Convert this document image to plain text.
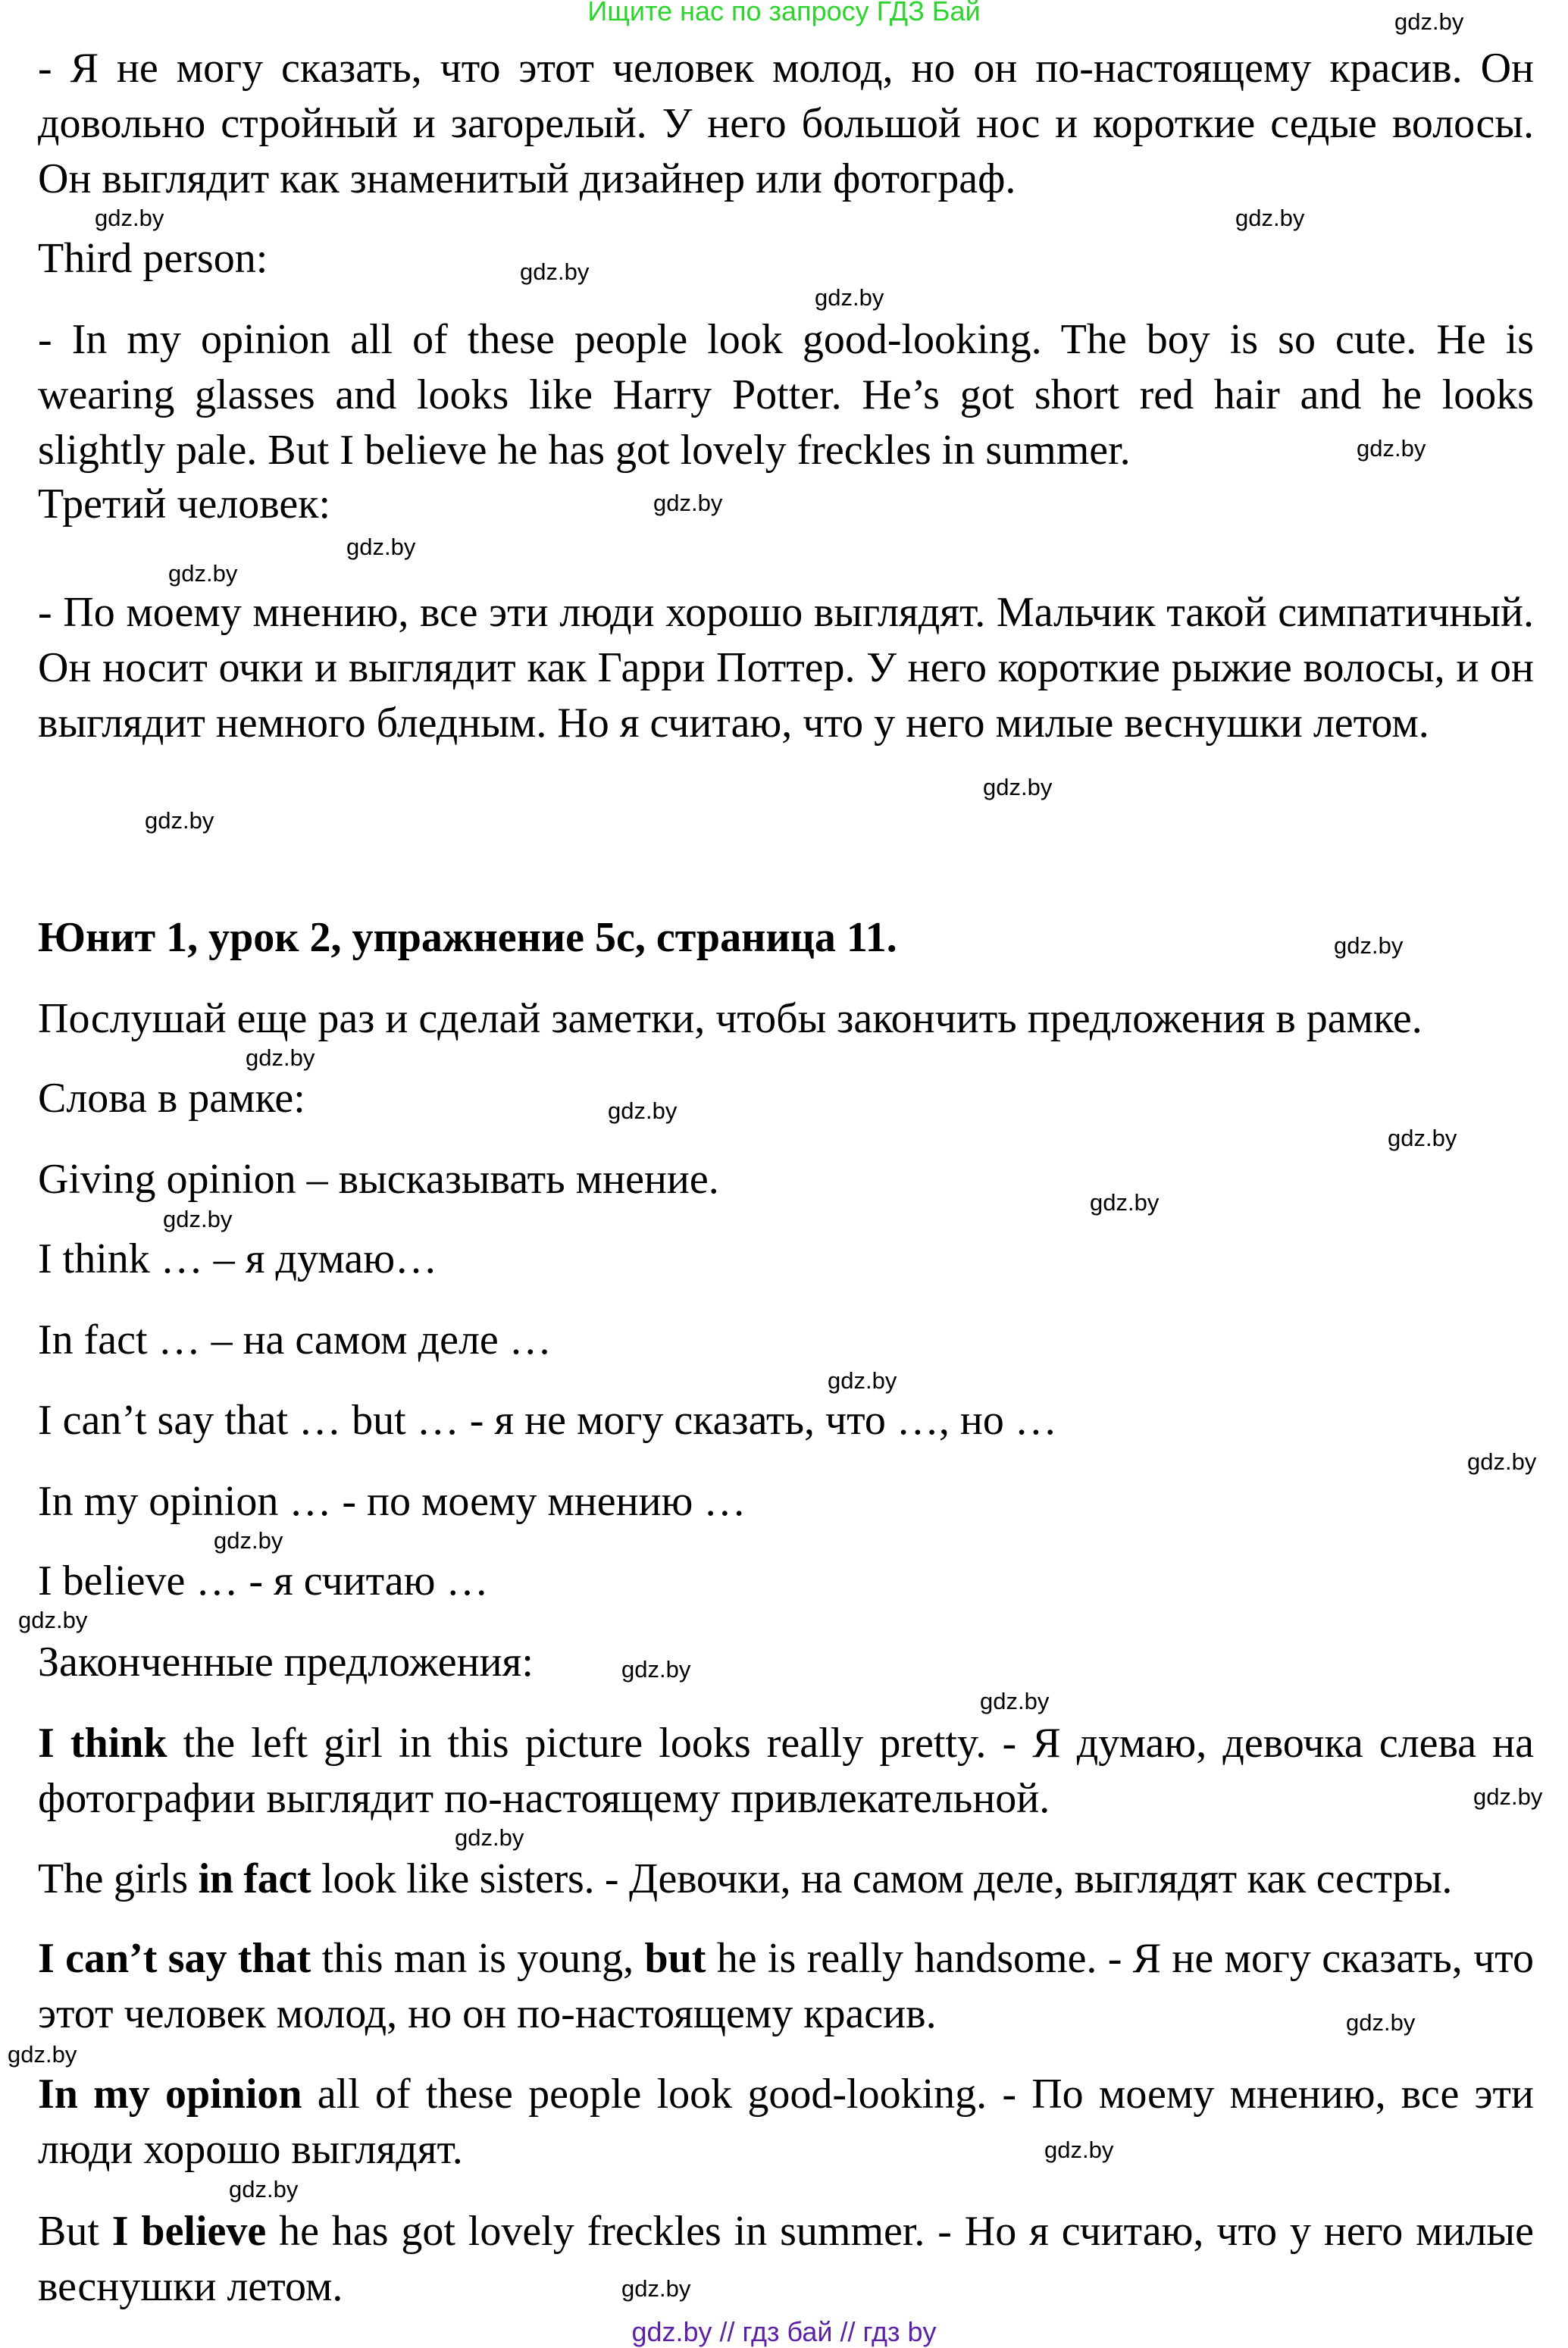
Ищите нас по запросу ГДЗ Бай
- Я не могу сказать, что этот человек молод, но он по-настоящему красив. Он довольно стройный и загорелый. У него большой нос и короткие седые волосы. Он выглядит как знаменитый дизайнер или фотограф.
Third person:
- In my opinion all of these people look good-looking. The boy is so cute. He is wearing glasses and looks like Harry Potter. He’s got short red hair and he looks slightly pale. But I believe he has got lovely freckles in summer.
Третий человек:
- По моему мнению, все эти люди хорошо выглядят. Мальчик такой симпатичный. Он носит очки и выглядит как Гарри Поттер. У него короткие рыжие волосы, и он выглядит немного бледным. Но я считаю, что у него милые веснушки летом.
Юнит 1, урок 2, упражнение 5c, страница 11.
Послушай еще раз и сделай заметки, чтобы закончить предложения в рамке.
Слова в рамке:
Giving opinion – высказывать мнение.
I think … – я думаю…
In fact … – на самом деле …
I can’t say that … but … - я не могу сказать, что …, но …
In my opinion … - по моему мнению …
I believe … - я считаю …
Законченные предложения:
I think the left girl in this picture looks really pretty. - Я думаю, девочка слева на фотографии выглядит по-настоящему привлекательной.
The girls in fact look like sisters. - Девочки, на самом деле, выглядят как сестры.
I can’t say that this man is young, but he is really handsome. - Я не могу сказать, что этот человек молод, но он по-настоящему красив.
In my opinion all of these people look good-looking. - По моему мнению, все эти люди хорошо выглядят.
But I believe he has got lovely freckles in summer. - Но я считаю, что у него милые веснушки летом.
gdz.by // гдз бай // гдз by
gdz.by
gdz.by
gdz.by
gdz.by
gdz.by
gdz.by
gdz.by
gdz.by
gdz.by
gdz.by
gdz.by
gdz.by
gdz.by
gdz.by
gdz.by
gdz.by
gdz.by
gdz.by
gdz.by
gdz.by
gdz.by
gdz.by
gdz.by
gdz.by
gdz.by
gdz.by
gdz.by
gdz.by
gdz.by
gdz.by
